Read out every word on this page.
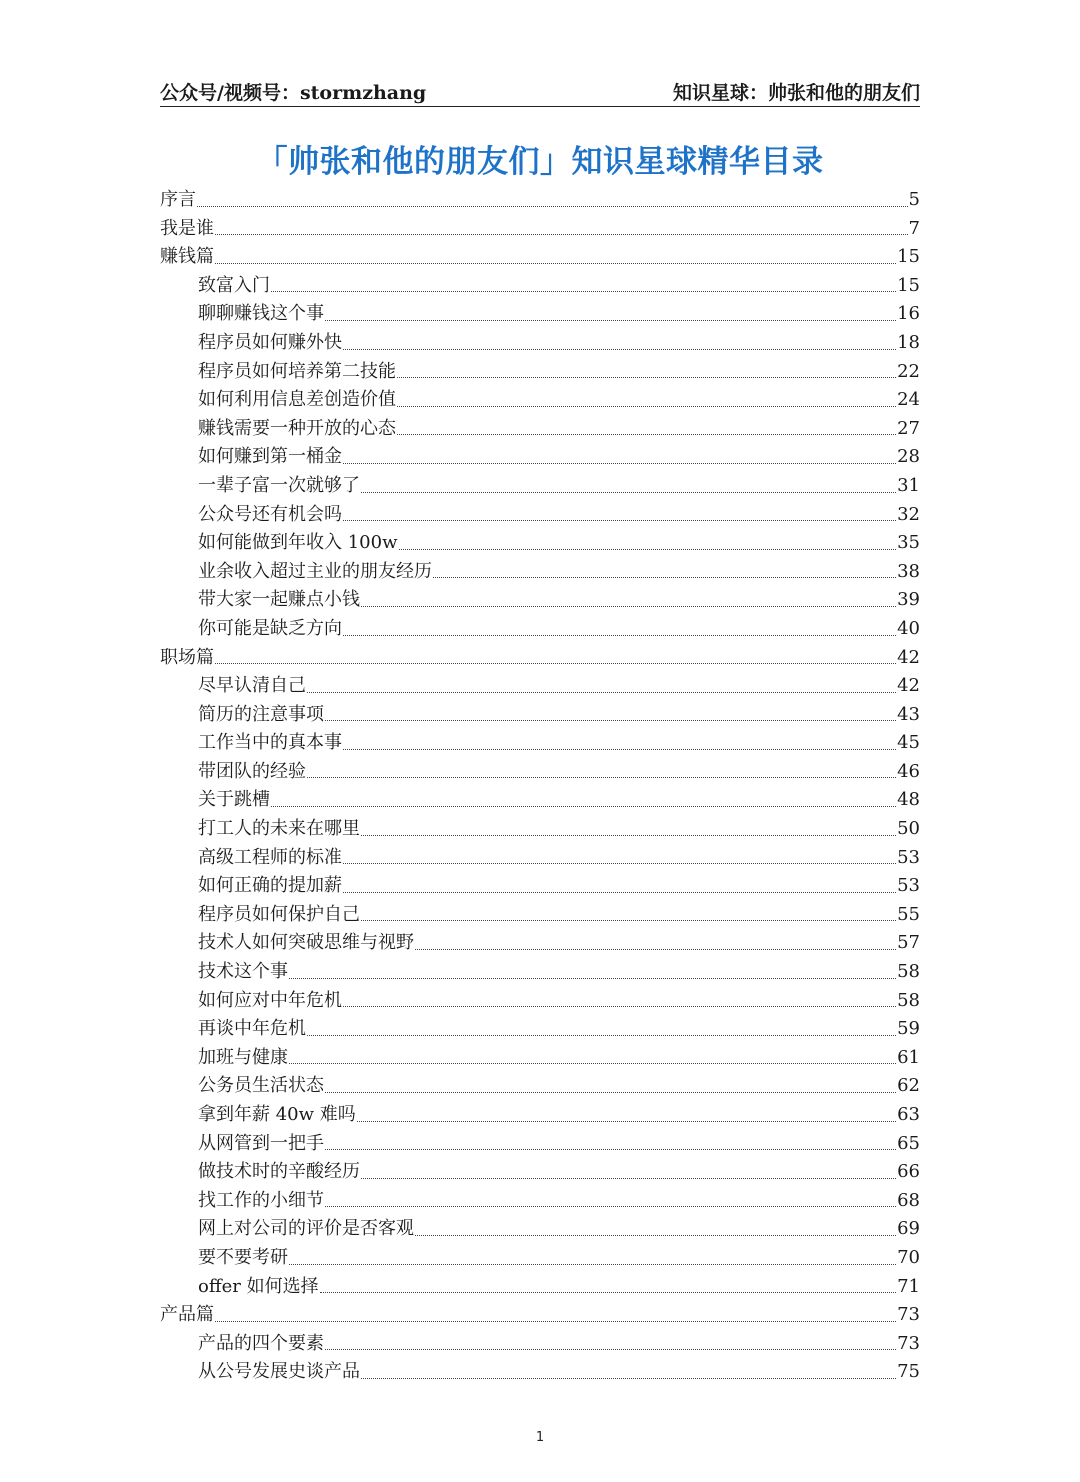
公众号/视频号：stormzhang	知识星球：帅张和他的朋友们
「帅张和他的朋友们」知识星球精华目录
序言	5
我是谁	7
赚钱篇	15
致富入门	15
聊聊赚钱这个事	16
程序员如何赚外快	18
程序员如何培养第二技能	22
如何利用信息差创造价值	24
赚钱需要一种开放的心态	27
如何赚到第一桶金	28
一辈子富一次就够了	31
公众号还有机会吗	32
如何能做到年收入 100w	35
业余收入超过主业的朋友经历	38
带大家一起赚点小钱	39
你可能是缺乏方向	40
职场篇	42
尽早认清自己	42
简历的注意事项	43
工作当中的真本事	45
带团队的经验	46
关于跳槽	48
打工人的未来在哪里	50
高级工程师的标准	53
如何正确的提加薪	53
程序员如何保护自己	55
技术人如何突破思维与视野	57
技术这个事	58
如何应对中年危机	58
再谈中年危机	59
加班与健康	61
公务员生活状态	62
拿到年薪 40w 难吗	63
从网管到一把手	65
做技术时的辛酸经历	66
找工作的小细节	68
网上对公司的评价是否客观	69
要不要考研	70
offer 如何选择	71
产品篇	73
产品的四个要素	73
从公号发展史谈产品	75
1
